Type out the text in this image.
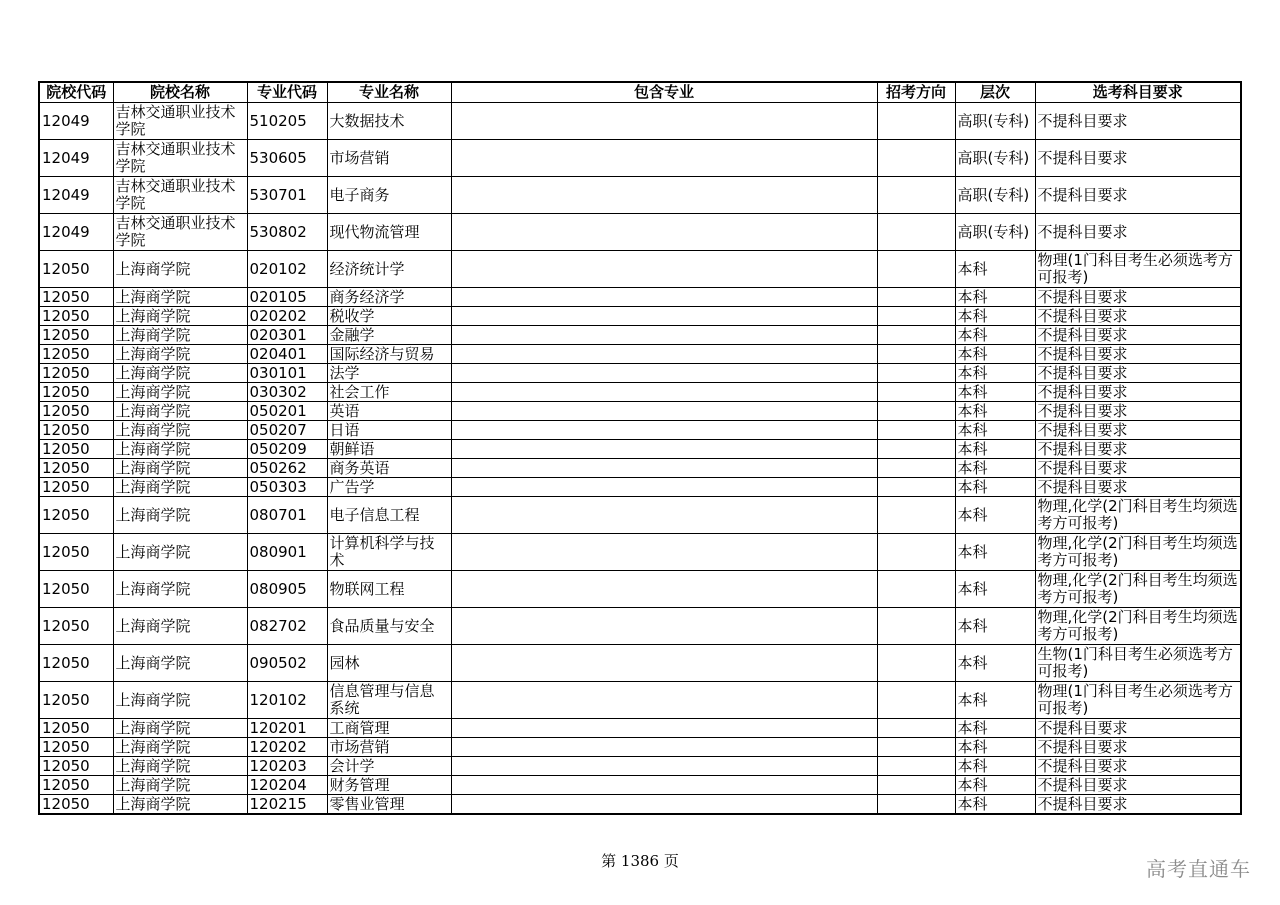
院校代码	院校名称	专业代码	专业名称	包含专业	招考方向	层次	选考科目要求
12049	吉林交通职业技术学院	510205	大数据技术			高职(专科)	不提科目要求
12049	吉林交通职业技术学院	530605	市场营销			高职(专科)	不提科目要求
12049	吉林交通职业技术学院	530701	电子商务			高职(专科)	不提科目要求
12049	吉林交通职业技术学院	530802	现代物流管理			高职(专科)	不提科目要求
12050	上海商学院	020102	经济统计学			本科	物理(1门科目考生必须选考方可报考)
12050	上海商学院	020105	商务经济学			本科	不提科目要求
12050	上海商学院	020202	税收学			本科	不提科目要求
12050	上海商学院	020301	金融学			本科	不提科目要求
12050	上海商学院	020401	国际经济与贸易			本科	不提科目要求
12050	上海商学院	030101	法学			本科	不提科目要求
12050	上海商学院	030302	社会工作			本科	不提科目要求
12050	上海商学院	050201	英语			本科	不提科目要求
12050	上海商学院	050207	日语			本科	不提科目要求
12050	上海商学院	050209	朝鲜语			本科	不提科目要求
12050	上海商学院	050262	商务英语			本科	不提科目要求
12050	上海商学院	050303	广告学			本科	不提科目要求
12050	上海商学院	080701	电子信息工程			本科	物理,化学(2门科目考生均须选考方可报考)
12050	上海商学院	080901	计算机科学与技术			本科	物理,化学(2门科目考生均须选考方可报考)
12050	上海商学院	080905	物联网工程			本科	物理,化学(2门科目考生均须选考方可报考)
12050	上海商学院	082702	食品质量与安全			本科	物理,化学(2门科目考生均须选考方可报考)
12050	上海商学院	090502	园林			本科	生物(1门科目考生必须选考方可报考)
12050	上海商学院	120102	信息管理与信息系统			本科	物理(1门科目考生必须选考方可报考)
12050	上海商学院	120201	工商管理			本科	不提科目要求
12050	上海商学院	120202	市场营销			本科	不提科目要求
12050	上海商学院	120203	会计学			本科	不提科目要求
12050	上海商学院	120204	财务管理			本科	不提科目要求
12050	上海商学院	120215	零售业管理			本科	不提科目要求
第 1386 页	高考直通车
